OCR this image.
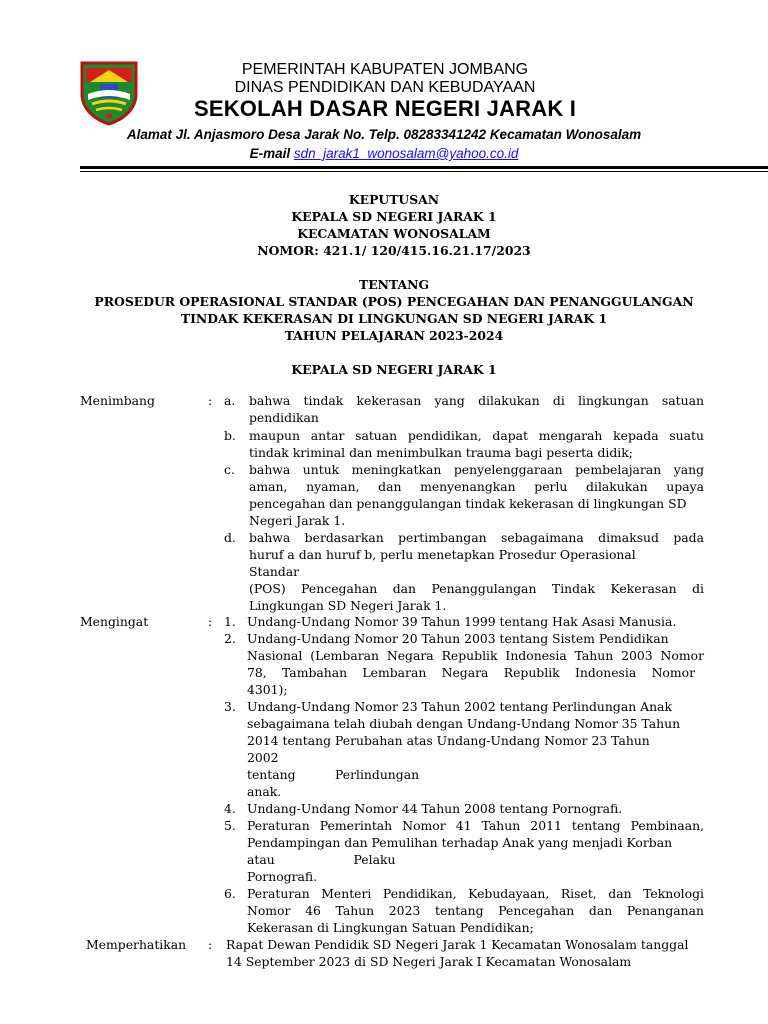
PEMERINTAH KABUPATEN JOMBANG
DINAS PENDIDIKAN DAN KEBUDAYAAN
SEKOLAH DASAR NEGERI JARAK I
Alamat Jl. Anjasmoro Desa Jarak No. Telp. 08283341242 Kecamatan Wonosalam
E-mail sdn_jarak1_wonosalam@yahoo.co.id
KEPUTUSAN
KEPALA SD NEGERI JARAK 1
KECAMATAN WONOSALAM
NOMOR: 421.1/ 120/415.16.21.17/2023
TENTANG
PROSEDUR OPERASIONAL STANDAR (POS) PENCEGAHAN DAN PENANGGULANGAN
TINDAK KEKERASAN DI LINGKUNGAN SD NEGERI JARAK 1
TAHUN PELAJARAN 2023-2024
KEPALA SD NEGERI JARAK 1
Menimbang	: a. bahwa tindak kekerasan yang dilakukan di lingkungan satuan
pendidikan
b. maupun antar satuan pendidikan, dapat mengarah kepada suatu
tindak kriminal dan menimbulkan trauma bagi peserta didik;
c. bahwa untuk meningkatkan penyelenggaraan pembelajaran yang
aman, nyaman, dan menyenangkan perlu dilakukan upaya
pencegahan dan penanggulangan tindak kekerasan di lingkungan SD
Negeri Jarak 1.
d. bahwa berdasarkan pertimbangan sebagaimana dimaksud pada
huruf a dan huruf b, perlu menetapkan Prosedur Operasional
Standar
(POS) Pencegahan dan Penanggulangan Tindak Kekerasan di
Lingkungan SD Negeri Jarak 1.
Mengingat	: 1. Undang-Undang Nomor 39 Tahun 1999 tentang Hak Asasi Manusia.
2. Undang-Undang Nomor 20 Tahun 2003 tentang Sistem Pendidikan
Nasional (Lembaran Negara Republik Indonesia Tahun 2003 Nomor
78, Tambahan Lembaran Negara Republik Indonesia Nomor
4301);
3. Undang-Undang Nomor 23 Tahun 2002 tentang Perlindungan Anak
sebagaimana telah diubah dengan Undang-Undang Nomor 35 Tahun
2014 tentang Perubahan atas Undang-Undang Nomor 23 Tahun
2002
tentang          Perlindungan
anak.
4. Undang-Undang Nomor 44 Tahun 2008 tentang Pornografi.
5. Peraturan Pemerintah Nomor 41 Tahun 2011 tentang Pembinaan,
Pendampingan dan Pemulihan terhadap Anak yang menjadi Korban
atau                    Pelaku
Pornografi.
6. Peraturan Menteri Pendidikan, Kebudayaan, Riset, dan Teknologi
Nomor 46 Tahun 2023 tentang Pencegahan dan Penanganan
Kekerasan di Lingkungan Satuan Pendidikan;
Memperhatikan : Rapat Dewan Pendidik SD Negeri Jarak 1 Kecamatan Wonosalam tanggal
14 September 2023 di SD Negeri Jarak I Kecamatan Wonosalam
